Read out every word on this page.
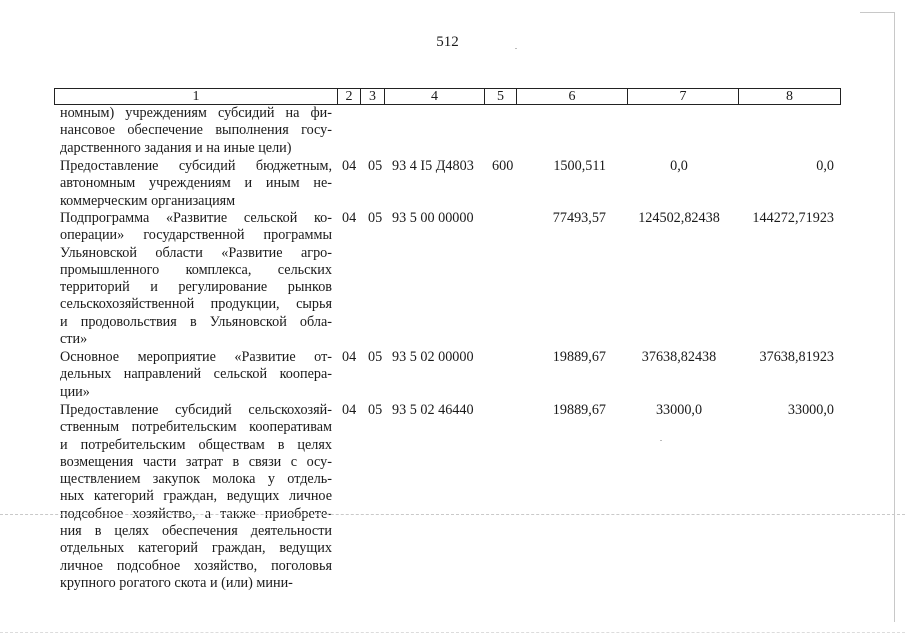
512
1	2	3	4	5	6	7	8
номным) учреждениям субсидий на фи-
нансовое обеспечение выполнения госу-
дарственного задания и на иные цели)
Предоставление субсидий бюджетным,
автономным учреждениям и иным не-
коммерческим организациям
04 05 93 4 I5 Д4803 600	1500,511	0,0	0,0
Подпрограмма «Развитие сельской ко-
операции» государственной программы
Ульяновской области «Развитие агро-
промышленного комплекса, сельских
территорий и регулирование рынков
сельскохозяйственной продукции, сырья
и продовольствия в Ульяновской обла-
сти»
04 05 93 5 00 00000	77493,57	124502,82438	144272,71923
Основное мероприятие «Развитие от-
дельных направлений сельской коопера-
ции»
04 05 93 5 02 00000	19889,67	37638,82438	37638,81923
Предоставление субсидий сельскохозяй-
ственным потребительским кооперативам
и потребительским обществам в целях
возмещения части затрат в связи с осу-
ществлением закупок молока у отдель-
ных категорий граждан, ведущих личное
подсобное хозяйство, а также приобрете-
ния в целях обеспечения деятельности
отдельных категорий граждан, ведущих
личное подсобное хозяйство, поголовья
крупного рогатого скота и (или) мини-
04 05 93 5 02 46440	19889,67	33000,0	33000,0
